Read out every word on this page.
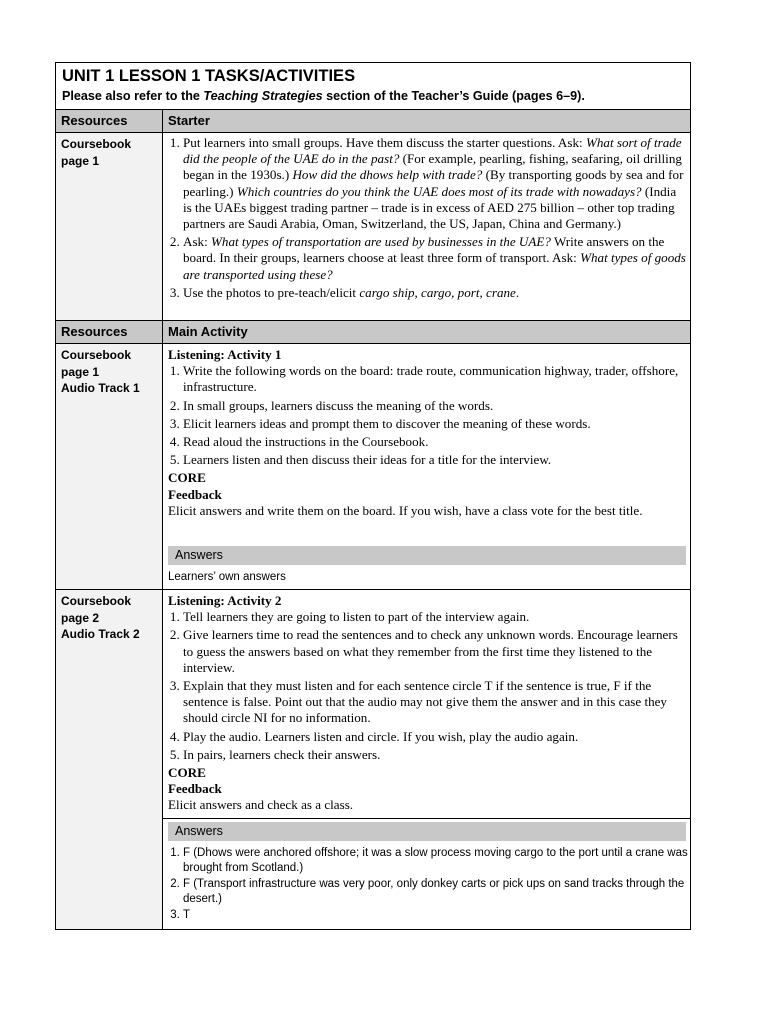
UNIT 1 LESSON 1 TASKS/ACTIVITIES
Please also refer to the Teaching Strategies section of the Teacher’s Guide (pages 6–9).
Resources	Starter
Coursebook
page 1
1. Put learners into small groups. Have them discuss the starter questions. Ask: What sort of trade did the people of the UAE do in the past? (For example, pearling, fishing, seafaring, oil drilling began in the 1930s.) How did the dhows help with trade? (By transporting goods by sea and for pearling.) Which countries do you think the UAE does most of its trade with nowadays? (India is the UAEs biggest trading partner – trade is in excess of AED 275 billion – other top trading partners are Saudi Arabia, Oman, Switzerland, the US, Japan, China and Germany.)
2. Ask: What types of transportation are used by businesses in the UAE? Write answers on the board. In their groups, learners choose at least three form of transport. Ask: What types of goods are transported using these?
3. Use the photos to pre-teach/elicit cargo ship, cargo, port, crane.
Resources	Main Activity
Coursebook
page 1
Audio Track 1
Listening: Activity 1
1. Write the following words on the board: trade route, communication highway, trader, offshore, infrastructure.
2. In small groups, learners discuss the meaning of the words.
3. Elicit learners ideas and prompt them to discover the meaning of these words.
4. Read aloud the instructions in the Coursebook.
5. Learners listen and then discuss their ideas for a title for the interview.
CORE
Feedback
Elicit answers and write them on the board. If you wish, have a class vote for the best title.
Answers
Learners’ own answers
Coursebook
page 2
Audio Track 2
Listening: Activity 2
1. Tell learners they are going to listen to part of the interview again.
2. Give learners time to read the sentences and to check any unknown words. Encourage learners to guess the answers based on what they remember from the first time they listened to the interview.
3. Explain that they must listen and for each sentence circle T if the sentence is true, F if the sentence is false. Point out that the audio may not give them the answer and in this case they should circle NI for no information.
4. Play the audio. Learners listen and circle. If you wish, play the audio again.
5. In pairs, learners check their answers.
CORE
Feedback
Elicit answers and check as a class.
Answers
1. F (Dhows were anchored offshore; it was a slow process moving cargo to the port until a crane was brought from Scotland.)
2. F (Transport infrastructure was very poor, only donkey carts or pick ups on sand tracks through the desert.)
3. T
